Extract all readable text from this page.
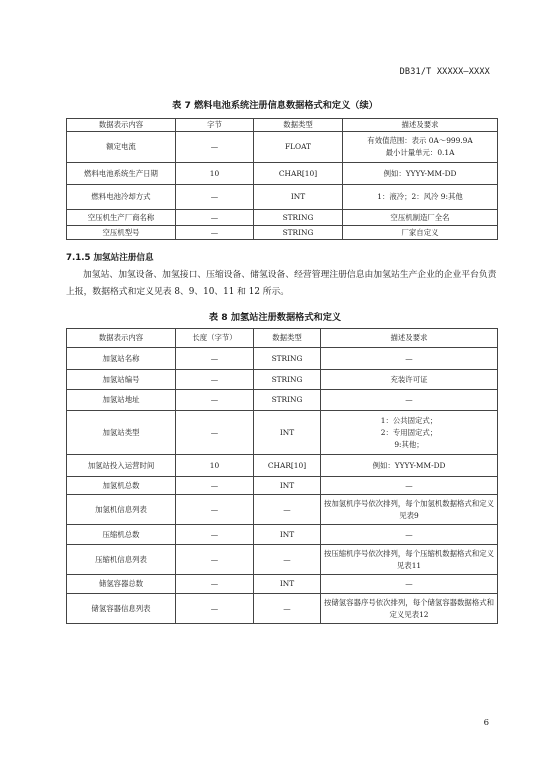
DB31/T XXXXX—XXXX
表 7 燃料电池系统注册信息数据格式和定义（续）
数据表示内容	字节	数据类型	描述及要求
额定电流	—	FLOAT	有效值范围：表示 0A～999.9A
最小计量单元：0.1A
燃料电池系统生产日期	10	CHAR[10]	例如：YYYY-MM-DD
燃料电池冷却方式	—	INT	1：液冷；2：风冷 9:其他
空压机生产厂商名称	—	STRING	空压机制造厂全名
空压机型号	—	STRING	厂家自定义
7.1.5 加氢站注册信息
加氢站、加氢设备、加氢接口、压缩设备、储氢设备、经营管理注册信息由加氢站生产企业的企业平台负责上报，数据格式和定义见表 8、9、10、11 和 12 所示。
表 8 加氢站注册数据格式和定义
数据表示内容	长度（字节）	数据类型	描述及要求
加氢站名称	—	STRING	—
加氢站编号	—	STRING	充装许可证
加氢站地址	—	STRING	—
加氢站类型	—	INT	1：公共固定式；
2：专用固定式；
9:其他；
加氢站投入运营时间	10	CHAR[10]	例如：YYYY-MM-DD
加氢机总数	—	INT	—
加氢机信息列表	—	—	按加氢机序号依次排列，每个加氢机数据格式和定义见表9
压缩机总数	—	INT	—
压缩机信息列表	—	—	按压缩机序号依次排列，每个压缩机数据格式和定义见表11
储氢容器总数	—	INT	—
储氢容器信息列表	—	—	按储氢容器序号依次排列，每个储氢容器数据格式和定义见表12
6
